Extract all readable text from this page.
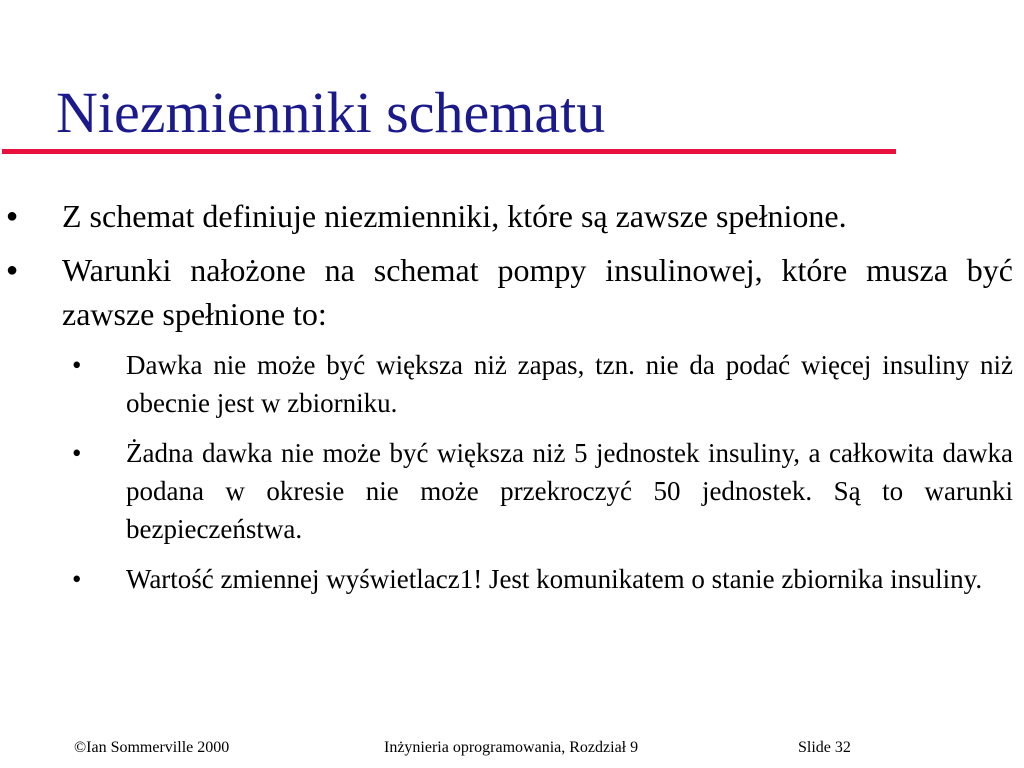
Niezmienniki schematu
● Z schemat definiuje niezmienniki, które są zawsze spełnione.
● Warunki nałożone na schemat pompy insulinowej, które musza być zawsze spełnione to:
• Dawka nie może być większa niż zapas, tzn. nie da podać więcej insuliny niż obecnie jest w zbiorniku.
• Żadna dawka nie może być większa niż 5 jednostek insuliny, a całkowita dawka podana w okresie nie może przekroczyć 50 jednostek. Są to warunki bezpieczeństwa.
• Wartość zmiennej wyświetlacz1! Jest komunikatem o stanie zbiornika insuliny.
©Ian Sommerville 2000	Inżynieria oprogramowania, Rozdział 9	Slide 32
